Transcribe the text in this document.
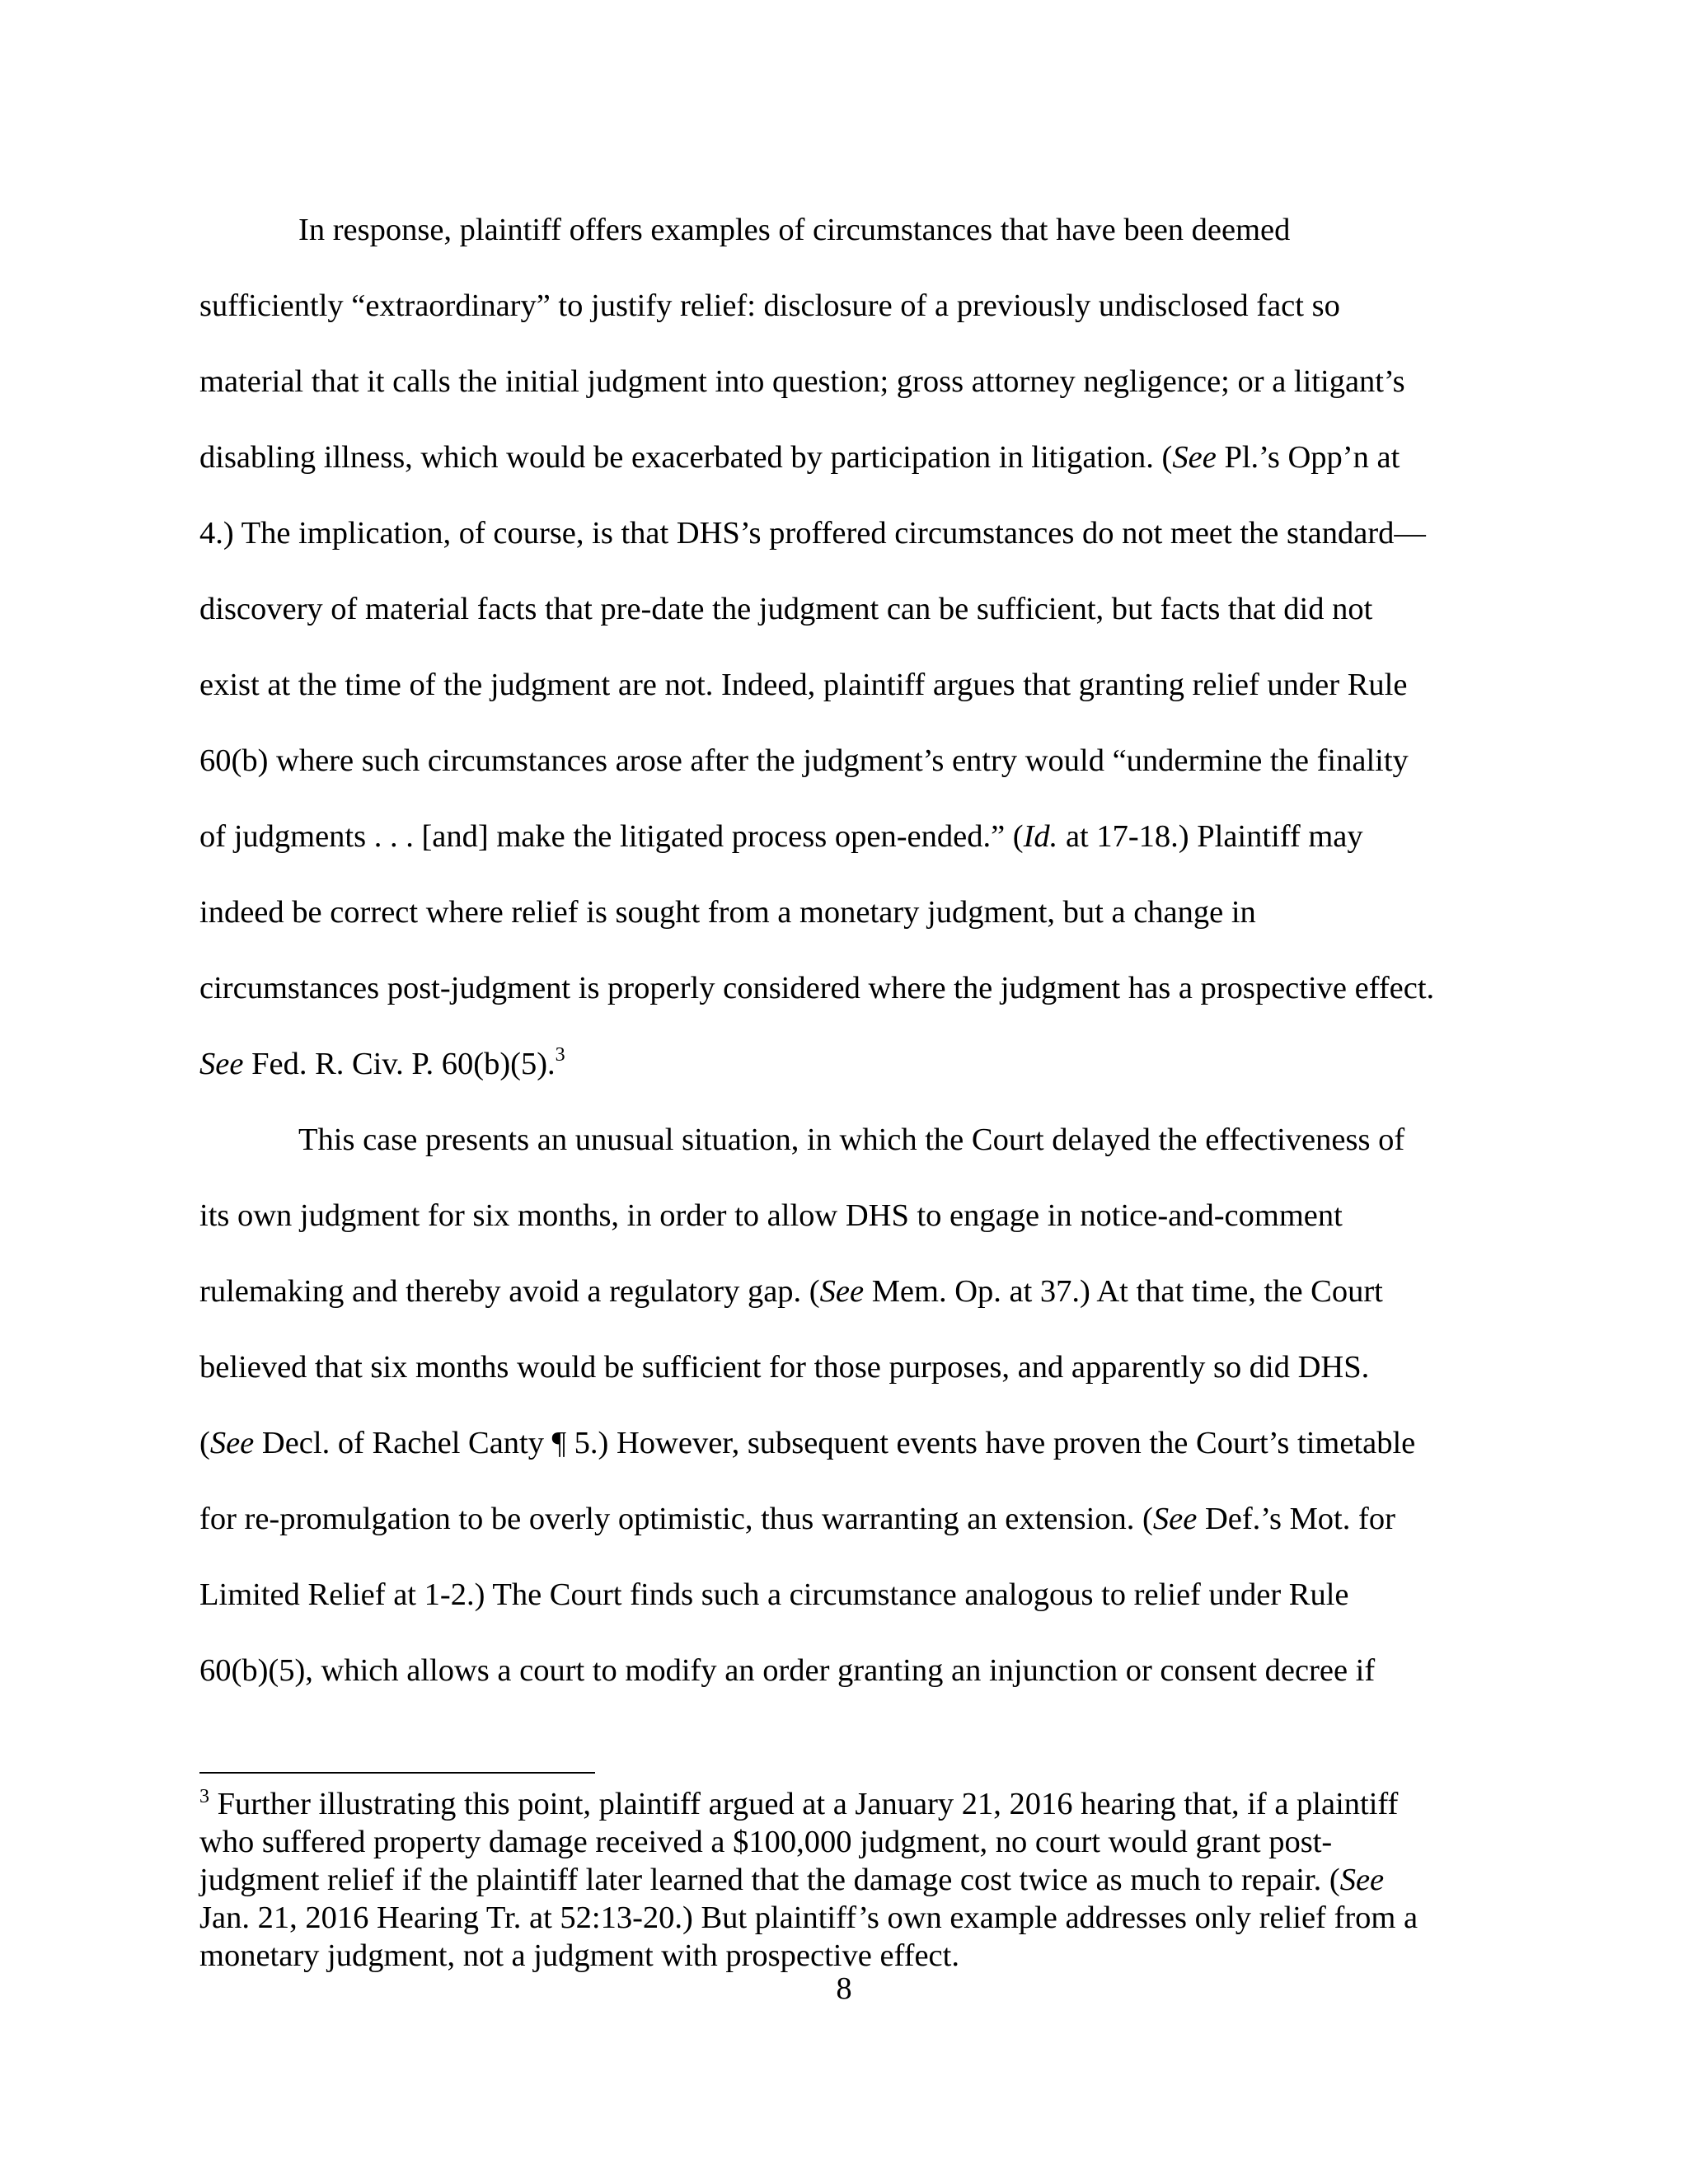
In response, plaintiff offers examples of circumstances that have been deemed
sufficiently “extraordinary” to justify relief: disclosure of a previously undisclosed fact so
material that it calls the initial judgment into question; gross attorney negligence; or a litigant’s
disabling illness, which would be exacerbated by participation in litigation. (See Pl.’s Opp’n at
4.) The implication, of course, is that DHS’s proffered circumstances do not meet the standard—
discovery of material facts that pre-date the judgment can be sufficient, but facts that did not
exist at the time of the judgment are not. Indeed, plaintiff argues that granting relief under Rule
60(b) where such circumstances arose after the judgment’s entry would “undermine the finality
of judgments . . . [and] make the litigated process open-ended.” (Id. at 17-18.) Plaintiff may
indeed be correct where relief is sought from a monetary judgment, but a change in
circumstances post-judgment is properly considered where the judgment has a prospective effect.
See Fed. R. Civ. P. 60(b)(5).$^3$
This case presents an unusual situation, in which the Court delayed the effectiveness of
its own judgment for six months, in order to allow DHS to engage in notice-and-comment
rulemaking and thereby avoid a regulatory gap. (See Mem. Op. at 37.) At that time, the Court
believed that six months would be sufficient for those purposes, and apparently so did DHS.
(See Decl. of Rachel Canty ¶ 5.) However, subsequent events have proven the Court’s timetable
for re-promulgation to be overly optimistic, thus warranting an extension. (See Def.’s Mot. for
Limited Relief at 1-2.) The Court finds such a circumstance analogous to relief under Rule
60(b)(5), which allows a court to modify an order granting an injunction or consent decree if
$^3$ Further illustrating this point, plaintiff argued at a January 21, 2016 hearing that, if a plaintiff
who suffered property damage received a $100,000 judgment, no court would grant post-
judgment relief if the plaintiff later learned that the damage cost twice as much to repair. (See
Jan. 21, 2016 Hearing Tr. at 52:13-20.) But plaintiff’s own example addresses only relief from a
monetary judgment, not a judgment with prospective effect.
8
